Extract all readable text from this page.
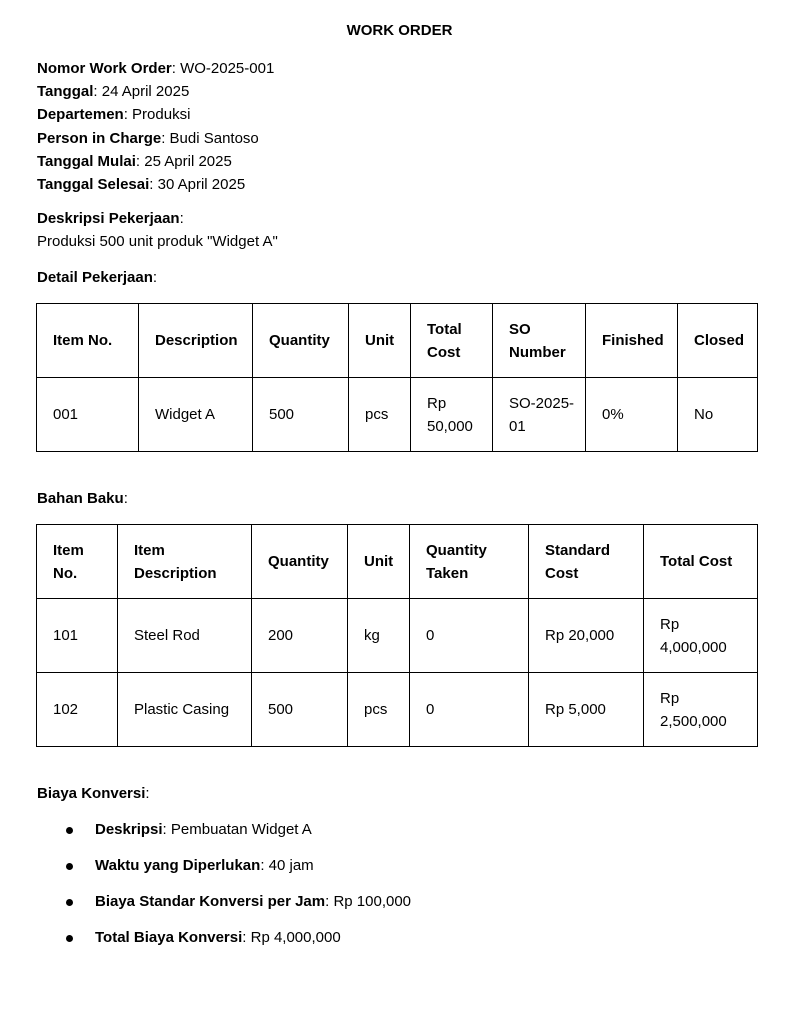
WORK ORDER
Nomor Work Order: WO-2025-001
Tanggal: 24 April 2025
Departemen: Produksi
Person in Charge: Budi Santoso
Tanggal Mulai: 25 April 2025
Tanggal Selesai: 30 April 2025
Deskripsi Pekerjaan:
Produksi 500 unit produk "Widget A"
Detail Pekerjaan:
Item No.	Description	Quantity	Unit	Total Cost	SO Number	Finished	Closed
001	Widget A	500	pcs	Rp 50,000	SO-2025-01	0%	No
Bahan Baku:
Item No.	Item Description	Quantity	Unit	Quantity Taken	Standard Cost	Total Cost
101	Steel Rod	200	kg	0	Rp 20,000	Rp 4,000,000
102	Plastic Casing	500	pcs	0	Rp 5,000	Rp 2,500,000
Biaya Konversi:
Deskripsi: Pembuatan Widget A
Waktu yang Diperlukan: 40 jam
Biaya Standar Konversi per Jam: Rp 100,000
Total Biaya Konversi: Rp 4,000,000
